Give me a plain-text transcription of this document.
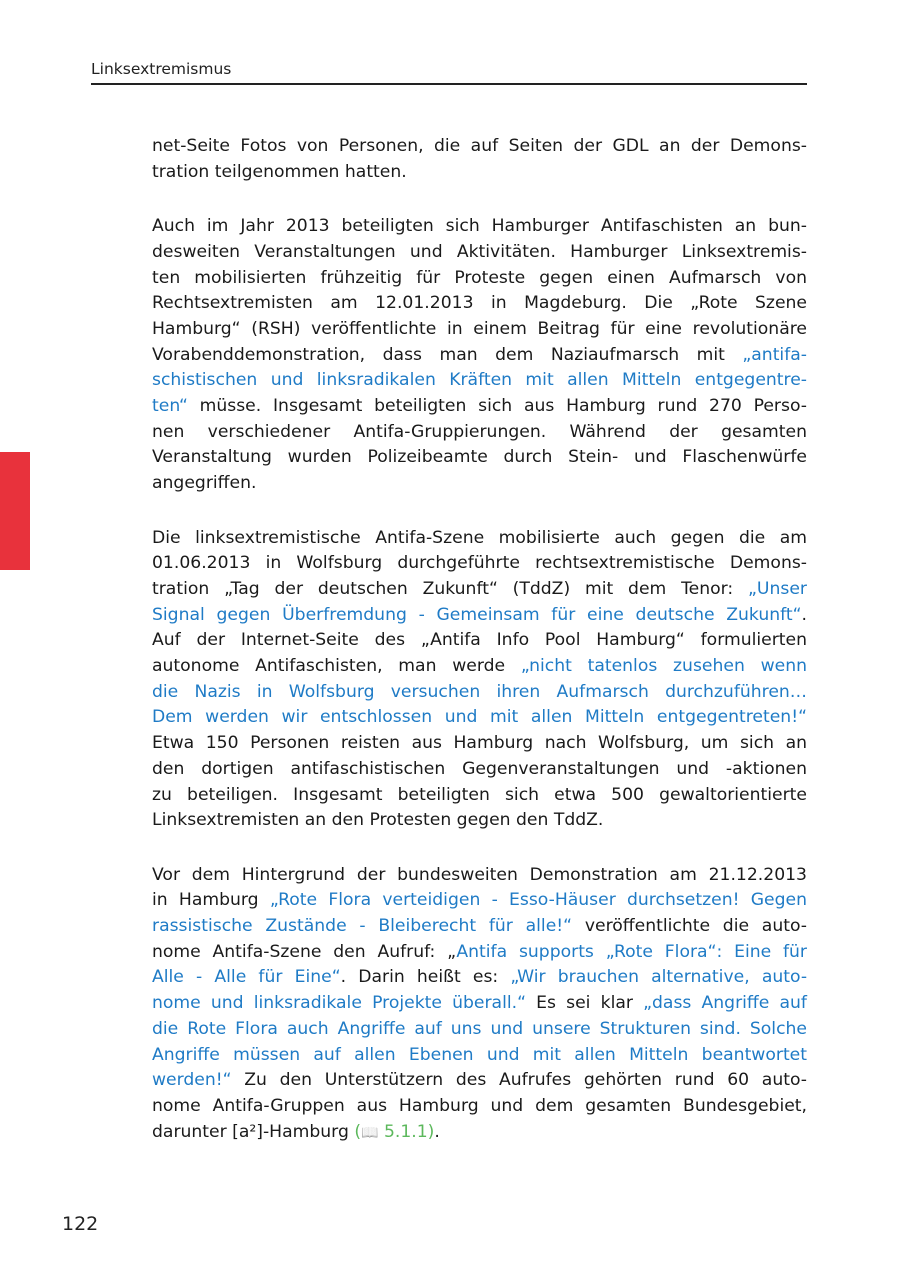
Linksextremismus
net-Seite Fotos von Personen, die auf Seiten der GDL an der Demons-
tration teilgenommen hatten.
Auch im Jahr 2013 beteiligten sich Hamburger Antifaschisten an bun-
desweiten Veranstaltungen und Aktivitäten. Hamburger Linksextremis-
ten mobilisierten frühzeitig für Proteste gegen einen Aufmarsch von
Rechtsextremisten am 12.01.2013 in Magdeburg. Die „Rote Szene
Hamburg“ (RSH) veröffentlichte in einem Beitrag für eine revolutionäre
Vorabenddemonstration, dass man dem Naziaufmarsch mit „antifa-
schistischen und linksradikalen Kräften mit allen Mitteln entgegentre-
ten“ müsse. Insgesamt beteiligten sich aus Hamburg rund 270 Perso-
nen verschiedener Antifa-Gruppierungen. Während der gesamten
Veranstaltung wurden Polizeibeamte durch Stein- und Flaschenwürfe
angegriffen.
Die linksextremistische Antifa-Szene mobilisierte auch gegen die am
01.06.2013 in Wolfsburg durchgeführte rechtsextremistische Demons-
tration „Tag der deutschen Zukunft“ (TddZ) mit dem Tenor: „Unser
Signal gegen Überfremdung - Gemeinsam für eine deutsche Zukunft“.
Auf der Internet-Seite des „Antifa Info Pool Hamburg“ formulierten
autonome Antifaschisten, man werde „nicht tatenlos zusehen wenn
die Nazis in Wolfsburg versuchen ihren Aufmarsch durchzuführen…
Dem werden wir entschlossen und mit allen Mitteln entgegentreten!“
Etwa 150 Personen reisten aus Hamburg nach Wolfsburg, um sich an
den dortigen antifaschistischen Gegenveranstaltungen und -aktionen
zu beteiligen. Insgesamt beteiligten sich etwa 500 gewaltorientierte
Linksextremisten an den Protesten gegen den TddZ.
Vor dem Hintergrund der bundesweiten Demonstration am 21.12.2013
in Hamburg „Rote Flora verteidigen - Esso-Häuser durchsetzen! Gegen
rassistische Zustände - Bleiberecht für alle!“ veröffentlichte die auto-
nome Antifa-Szene den Aufruf: „Antifa supports „Rote Flora“: Eine für
Alle - Alle für Eine“. Darin heißt es: „Wir brauchen alternative, auto-
nome und linksradikale Projekte überall.“ Es sei klar „dass Angriffe auf
die Rote Flora auch Angriffe auf uns und unsere Strukturen sind. Solche
Angriffe müssen auf allen Ebenen und mit allen Mitteln beantwortet
werden!“ Zu den Unterstützern des Aufrufes gehörten rund 60 auto-
nome Antifa-Gruppen aus Hamburg und dem gesamten Bundesgebiet,
darunter [a²]-Hamburg (📖 5.1.1).
122
